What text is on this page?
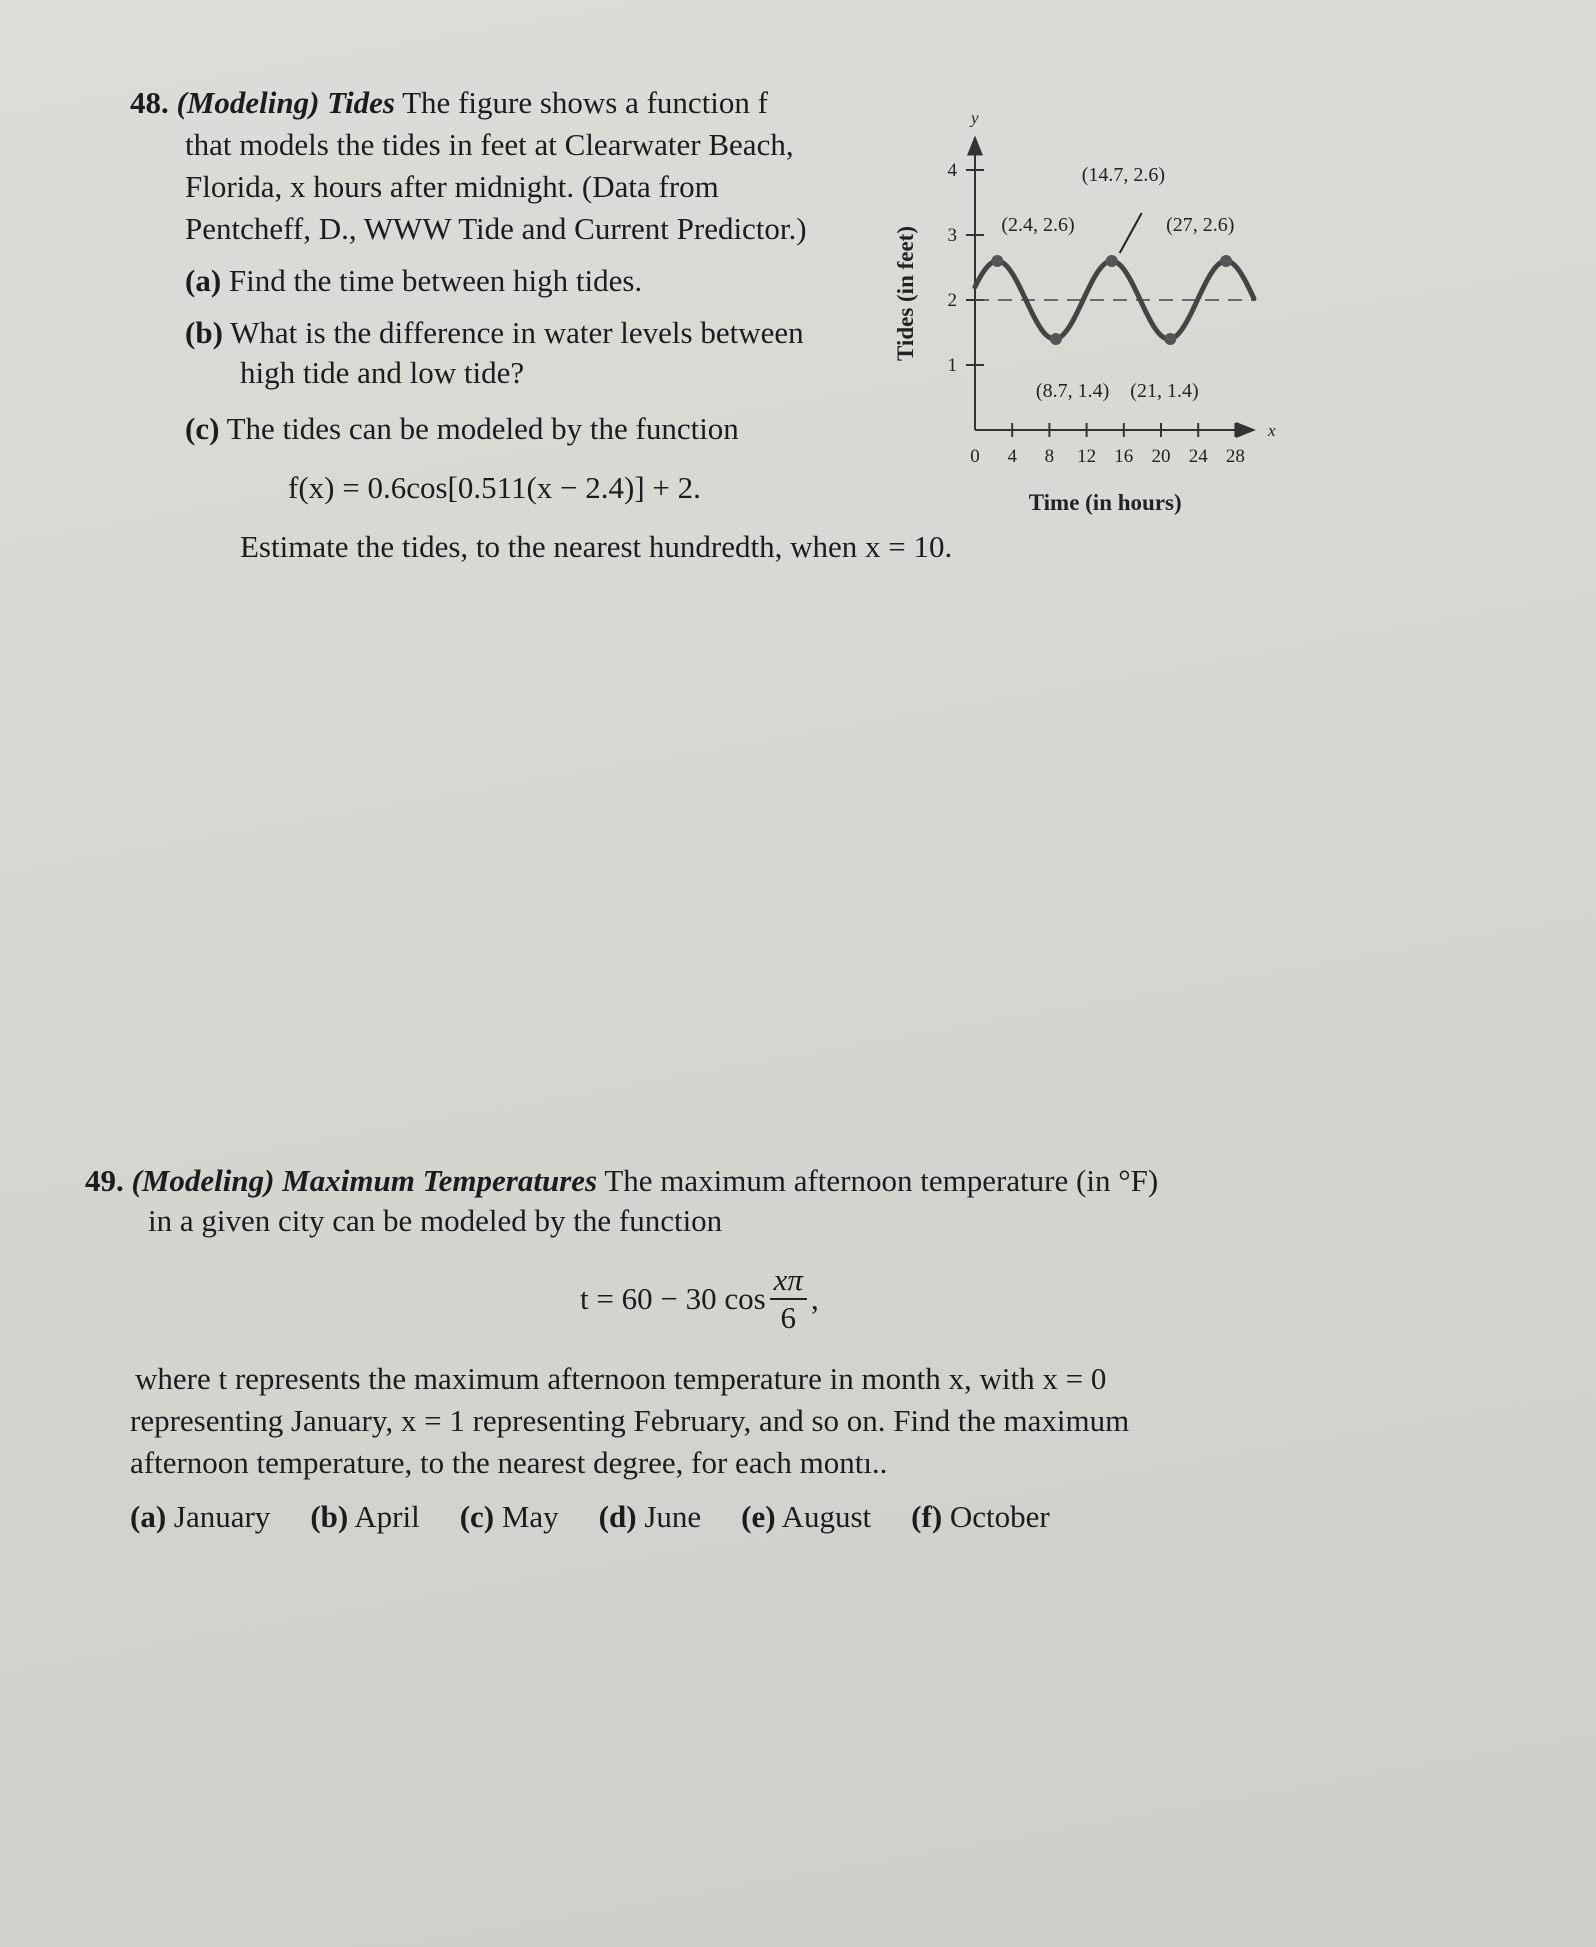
48. (Modeling) Tides The figure shows a function f
that models the tides in feet at Clearwater Beach,
Florida, x hours after midnight. (Data from
Pentcheff, D., WWW Tide and Current Predictor.)
(a) Find the time between high tides.
(b) What is the difference in water levels between
high tide and low tide?
(c) The tides can be modeled by the function
f(x) = 0.6cos[0.511(x − 2.4)] + 2.
Estimate the tides, to the nearest hundredth, when x = 10.
x
y
0 4 8 12 16 20 24 28
1
2
3
4
Time (in hours)
Tides (in feet)
(2.4, 2.6)
(8.7, 1.4)
(14.7, 2.6)
(21, 1.4)
(27, 2.6)
49. (Modeling) Maximum Temperatures The maximum afternoon temperature (in °F)
in a given city can be modeled by the function
t = 60 − 30 $\cos \frac{x\pi}{6}$ ,
where t represents the maximum afternoon temperature in month x, with x = 0
representing January, x = 1 representing February, and so on. Find the maximum
afternoon temperature, to the nearest degree, for each montı..
(a) January (b) April (c) May (d) June (e) August (f) October
